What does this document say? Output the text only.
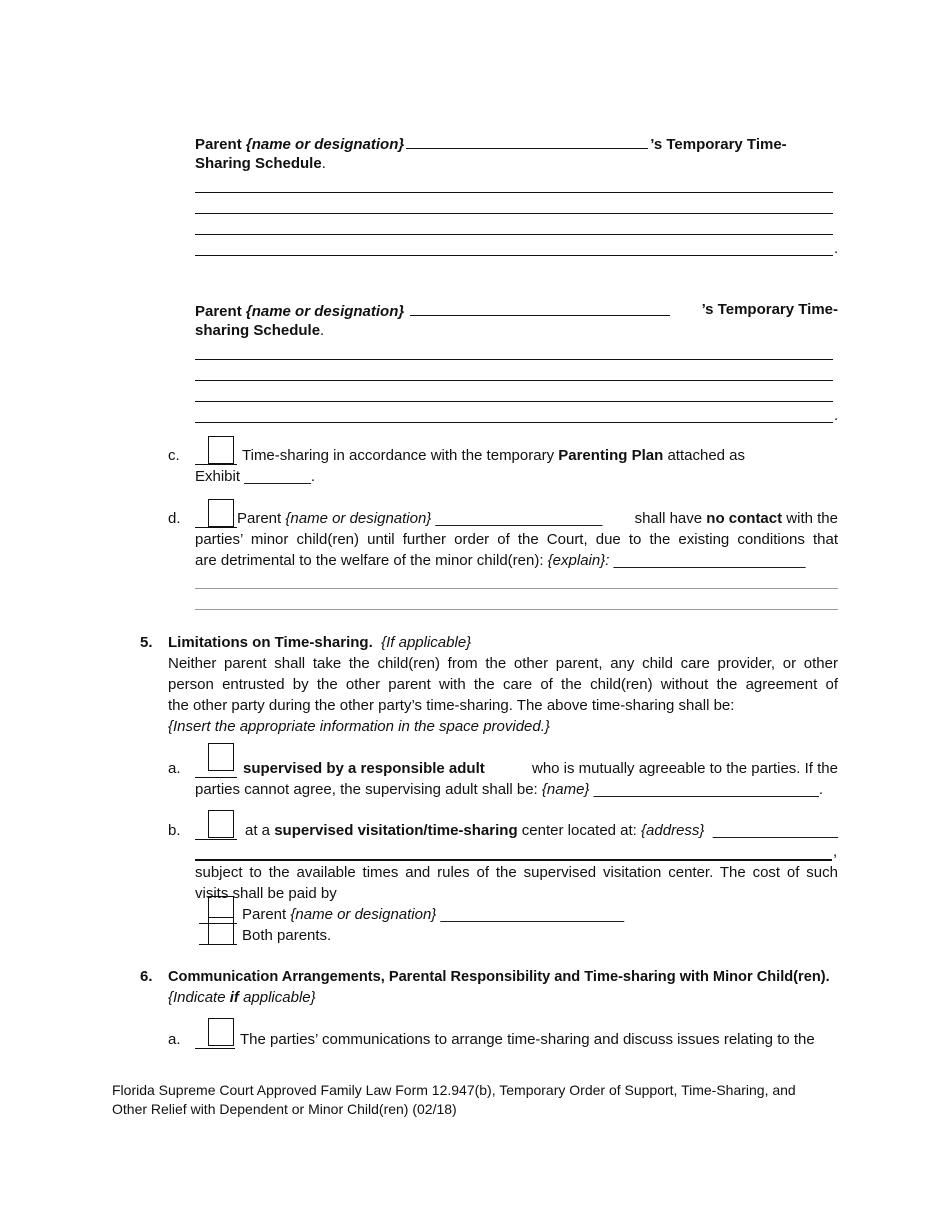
Parent {name or designation}	’s Temporary Time-
Sharing Schedule.
.
Parent {name or designation}	’s Temporary Time-
sharing Schedule.
.
c.	Time-sharing in accordance with the temporary Parenting Plan attached as
Exhibit ________.
d.	Parent {name or designation} ____________________ shall have no contact with the
parties’ minor child(ren) until further order of the Court, due to the existing conditions that
are detrimental to the welfare of the minor child(ren): {explain}: _______________________
5. Limitations on Time-sharing. {If applicable}
Neither parent shall take the child(ren) from the other parent, any child care provider, or other
person entrusted by the other parent with the care of the child(ren) without the agreement of
the other party during the other party’s time-sharing. The above time-sharing shall be:
{Insert the appropriate information in the space provided.}
a.	supervised by a responsible adult	who is mutually agreeable to the parties. If the
parties cannot agree, the supervising adult shall be: {name} ___________________________.
b.	at a supervised visitation/time-sharing center located at: {address} _______________
,
subject to the available times and rules of the supervised visitation center. The cost of such
visits shall be paid by
Parent {name or designation} ______________________
Both parents.
6. Communication Arrangements, Parental Responsibility and Time-sharing with Minor Child(ren).
{Indicate if applicable}
a.	The parties’ communications to arrange time-sharing and discuss issues relating to the
Florida Supreme Court Approved Family Law Form 12.947(b), Temporary Order of Support, Time-Sharing, and
Other Relief with Dependent or Minor Child(ren) (02/18)
